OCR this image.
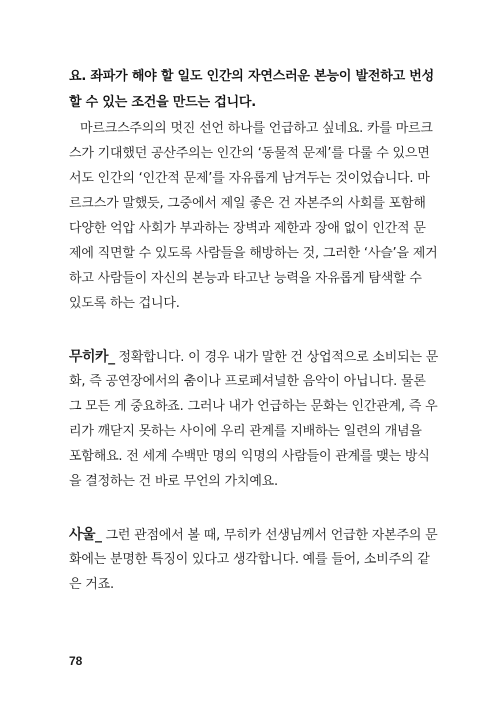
요. 좌파가 해야 할 일도 인간의 자연스러운 본능이 발전하고 번성
할 수 있는 조건을 만드는 겁니다.
마르크스주의의 멋진 선언 하나를 언급하고 싶네요. 카를 마르크
스가 기대했던 공산주의는 인간의 ‘동물적 문제’를 다룰 수 있으면
서도 인간의 ‘인간적 문제’를 자유롭게 남겨두는 것이었습니다. 마
르크스가 말했듯, 그중에서 제일 좋은 건 자본주의 사회를 포함해
다양한 억압 사회가 부과하는 장벽과 제한과 장애 없이 인간적 문
제에 직면할 수 있도록 사람들을 해방하는 것, 그러한 ‘사슬’을 제거
하고 사람들이 자신의 본능과 타고난 능력을 자유롭게 탐색할 수
있도록 하는 겁니다.
무히카_ 정확합니다. 이 경우 내가 말한 건 상업적으로 소비되는 문
화, 즉 공연장에서의 춤이나 프로페셔널한 음악이 아닙니다. 물론
그 모든 게 중요하죠. 그러나 내가 언급하는 문화는 인간관계, 즉 우
리가 깨닫지 못하는 사이에 우리 관계를 지배하는 일련의 개념을
포함해요. 전 세계 수백만 명의 익명의 사람들이 관계를 맺는 방식
을 결정하는 건 바로 무언의 가치예요.
사울_ 그런 관점에서 볼 때, 무히카 선생님께서 언급한 자본주의 문
화에는 분명한 특징이 있다고 생각합니다. 예를 들어, 소비주의 같
은 거죠.
78
